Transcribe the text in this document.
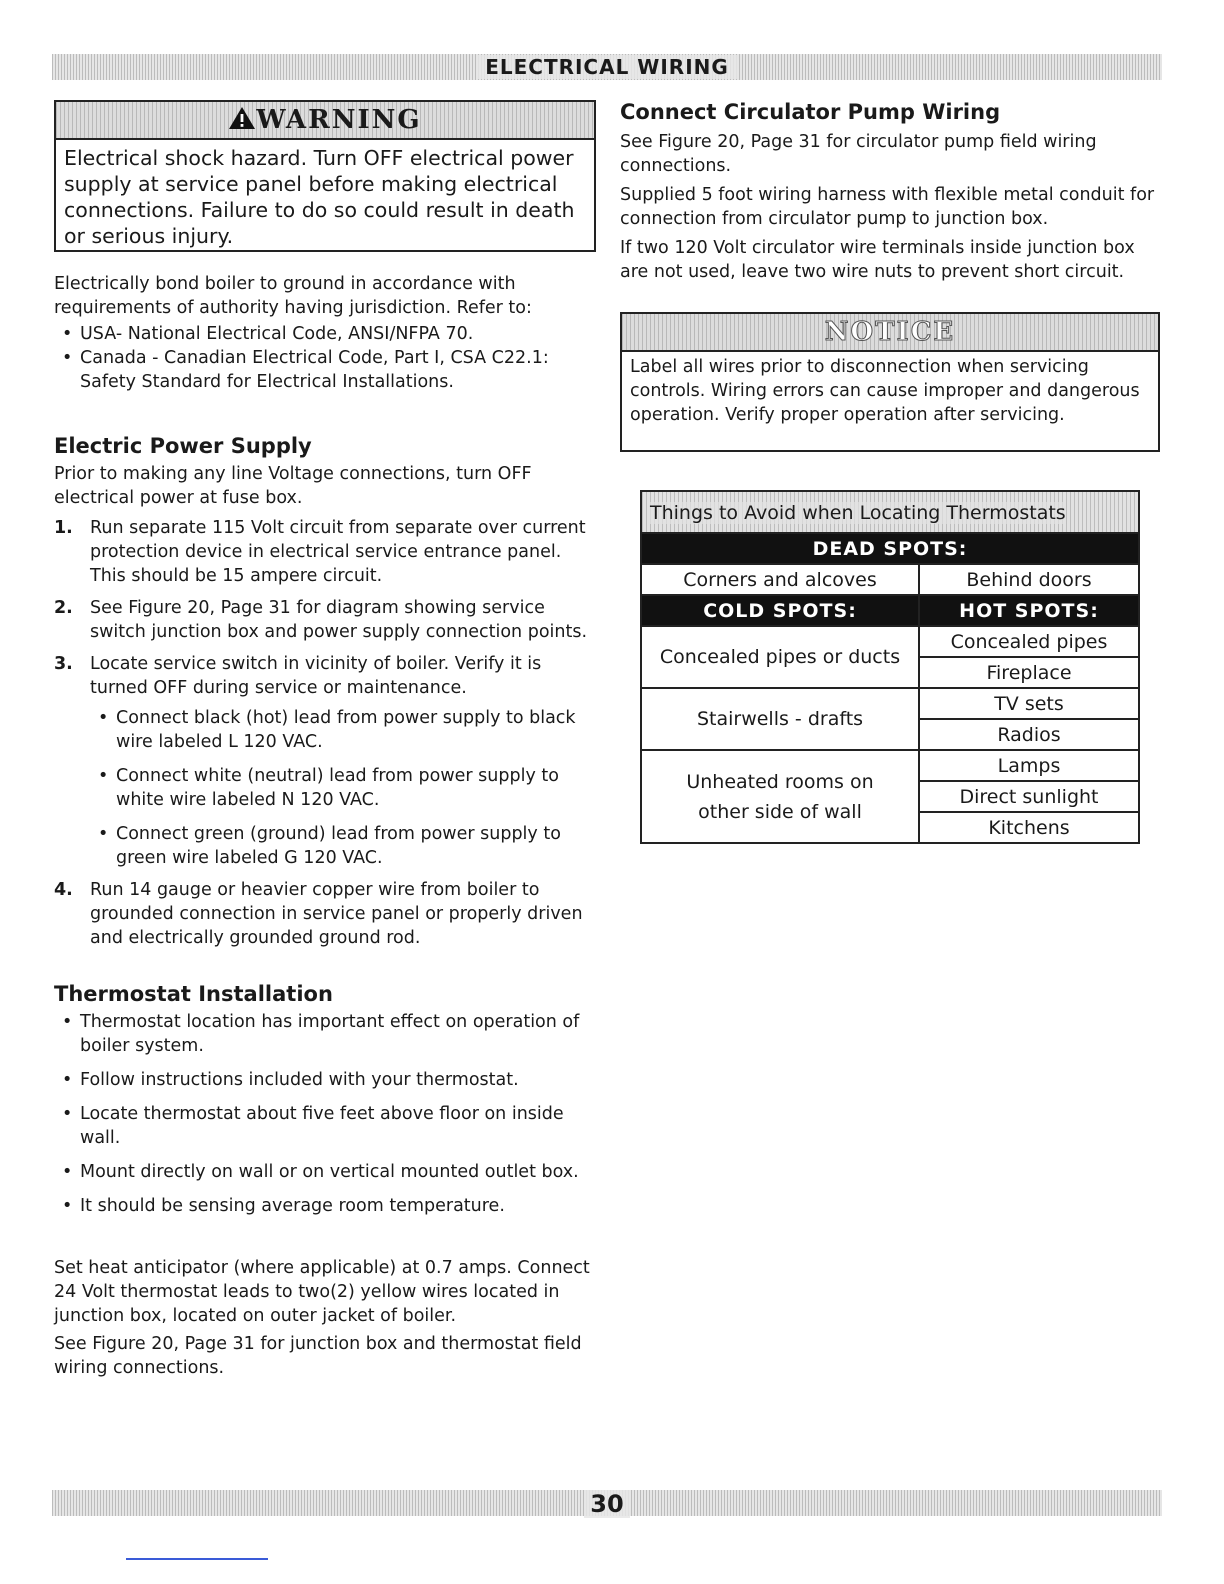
ELECTRICAL WIRING
WARNING

Electrical shock hazard. Turn OFF electrical power supply at service panel before making electrical connections. Failure to do so could result in death or serious injury.

Electrically bond boiler to ground in accordance with requirements of authority having jurisdiction. Refer to:

• USA- National Electrical Code, ANSI/NFPA 70.
• Canada - Canadian Electrical Code, Part I, CSA C22.1: Safety Standard for Electrical Installations.
Electric Power Supply

Prior to making any line Voltage connections, turn OFF electrical power at fuse box.

1. Run separate 115 Volt circuit from separate over current protection device in electrical service entrance panel. This should be 15 ampere circuit.
2. See Figure 20, Page 31 for diagram showing service switch junction box and power supply connection points.
3. Locate service switch in vicinity of boiler. Verify it is turned OFF during service or maintenance.
• Connect black (hot) lead from power supply to black wire labeled L 120 VAC.
• Connect white (neutral) lead from power supply to white wire labeled N 120 VAC.
• Connect green (ground) lead from power supply to green wire labeled G 120 VAC.
4. Run 14 gauge or heavier copper wire from boiler to grounded connection in service panel or properly driven and electrically grounded ground rod.
Thermostat Installation
• Thermostat location has important effect on operation of boiler system.
• Follow instructions included with your thermostat.
• Locate thermostat about five feet above floor on inside wall.
• Mount directly on wall or on vertical mounted outlet box.
• It should be sensing average room temperature.

Set heat anticipator (where applicable) at 0.7 amps. Connect 24 Volt thermostat leads to two(2) yellow wires located in junction box, located on outer jacket of boiler.

See Figure 20, Page 31 for junction box and thermostat field wiring connections.

Connect Circulator Pump Wiring

See Figure 20, Page 31 for circulator pump field wiring connections.

Supplied 5 foot wiring harness with flexible metal conduit for connection from circulator pump to junction box.

If two 120 Volt circulator wire terminals inside junction box are not used, leave two wire nuts to prevent short circuit.

NOTICE

Label all wires prior to disconnection when servicing controls. Wiring errors can cause improper and dangerous operation. Verify proper operation after servicing.

Things to Avoid when Locating Thermostats
DEAD SPOTS:	
Corners and alcoves	Behind doors
COLD SPOTS:	HOT SPOTS:
Concealed pipes or ducts	Concealed pipes
	Fireplace
Stairwells - drafts	TV sets
	Radios
Unheated rooms on other side of wall	Lamps
	Direct sunlight
	Kitchens
30
